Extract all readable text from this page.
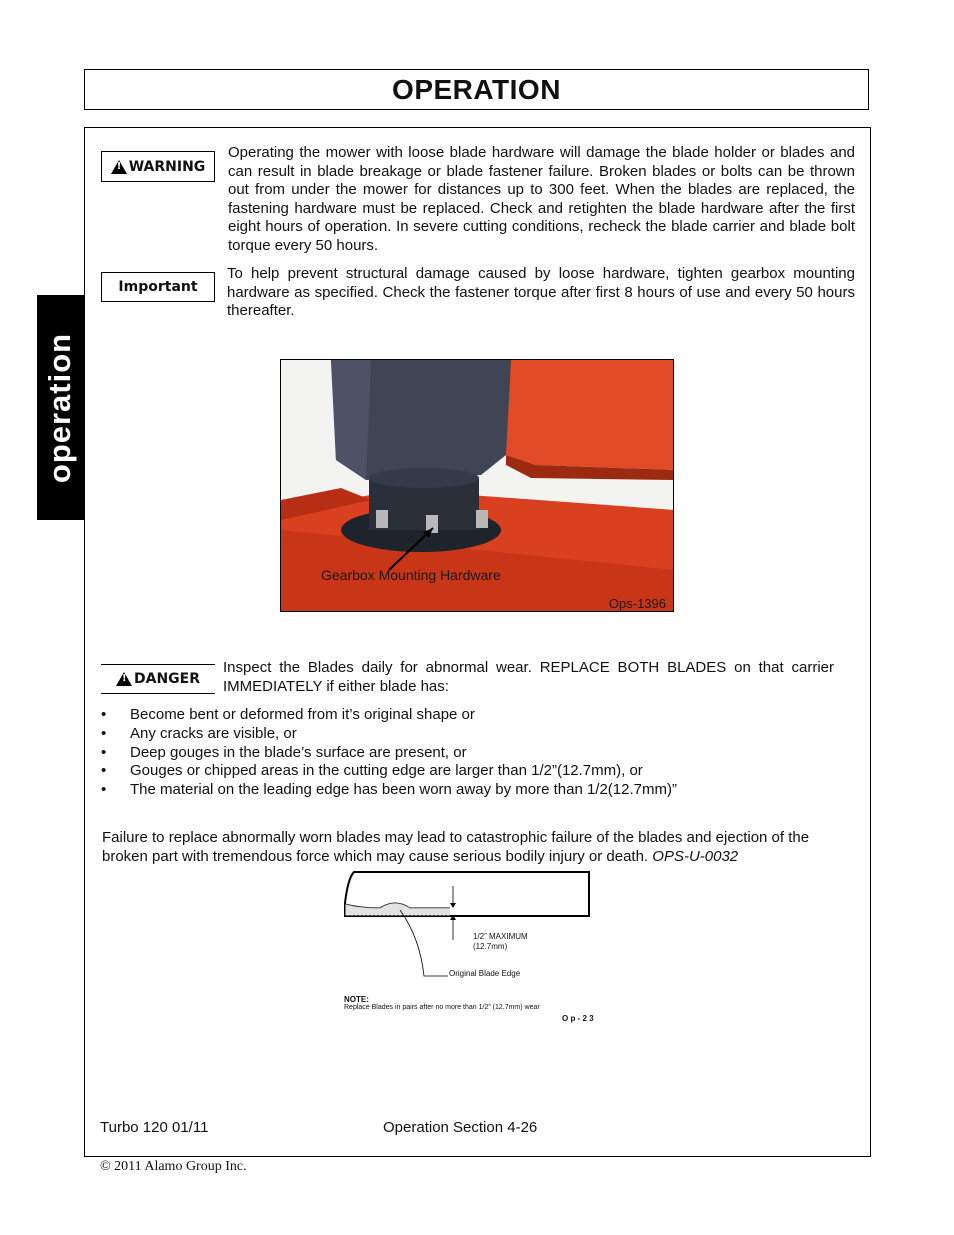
OPERATION
operation
!
WARNING
Operating the mower with loose blade hardware will damage the blade holder or blades and can result in blade breakage or blade fastener failure. Broken blades or bolts can be thrown out from under the mower for distances up to 300 feet. When the blades are replaced, the fastening hardware must be replaced. Check and retighten the blade hardware after the first eight hours of operation. In severe cutting conditions, recheck the blade carrier and blade bolt torque every 50 hours.
Important
To help prevent structural damage caused by loose hardware, tighten gearbox mounting hardware as specified. Check the fastener torque after first 8 hours of use and every 50 hours thereafter.
Gearbox Mounting Hardware
Ops-1396
!
DANGER
Inspect the Blades daily for abnormal wear. REPLACE BOTH BLADES on that carrier IMMEDIATELY if either blade has:
• Become bent or deformed from it’s original shape or
• Any cracks are visible, or
• Deep gouges in the blade’s surface are present, or
• Gouges or chipped areas in the cutting edge are larger than 1/2”(12.7mm), or
• The material on the leading edge has been worn away by more than 1/2(12.7mm)”
Failure to replace abnormally worn blades may lead to catastrophic failure of the blades and ejection of the broken part with tremendous force which may cause serious bodily injury or death. OPS-U-0032
1/2” MAXIMUM
(12.7mm)
Original Blade Edge
NOTE:
Replace Blades in pairs after no more than 1/2” (12.7mm) wear
O p - 2 3
Turbo 120 01/11	Operation Section 4-26
© 2011 Alamo Group Inc.
